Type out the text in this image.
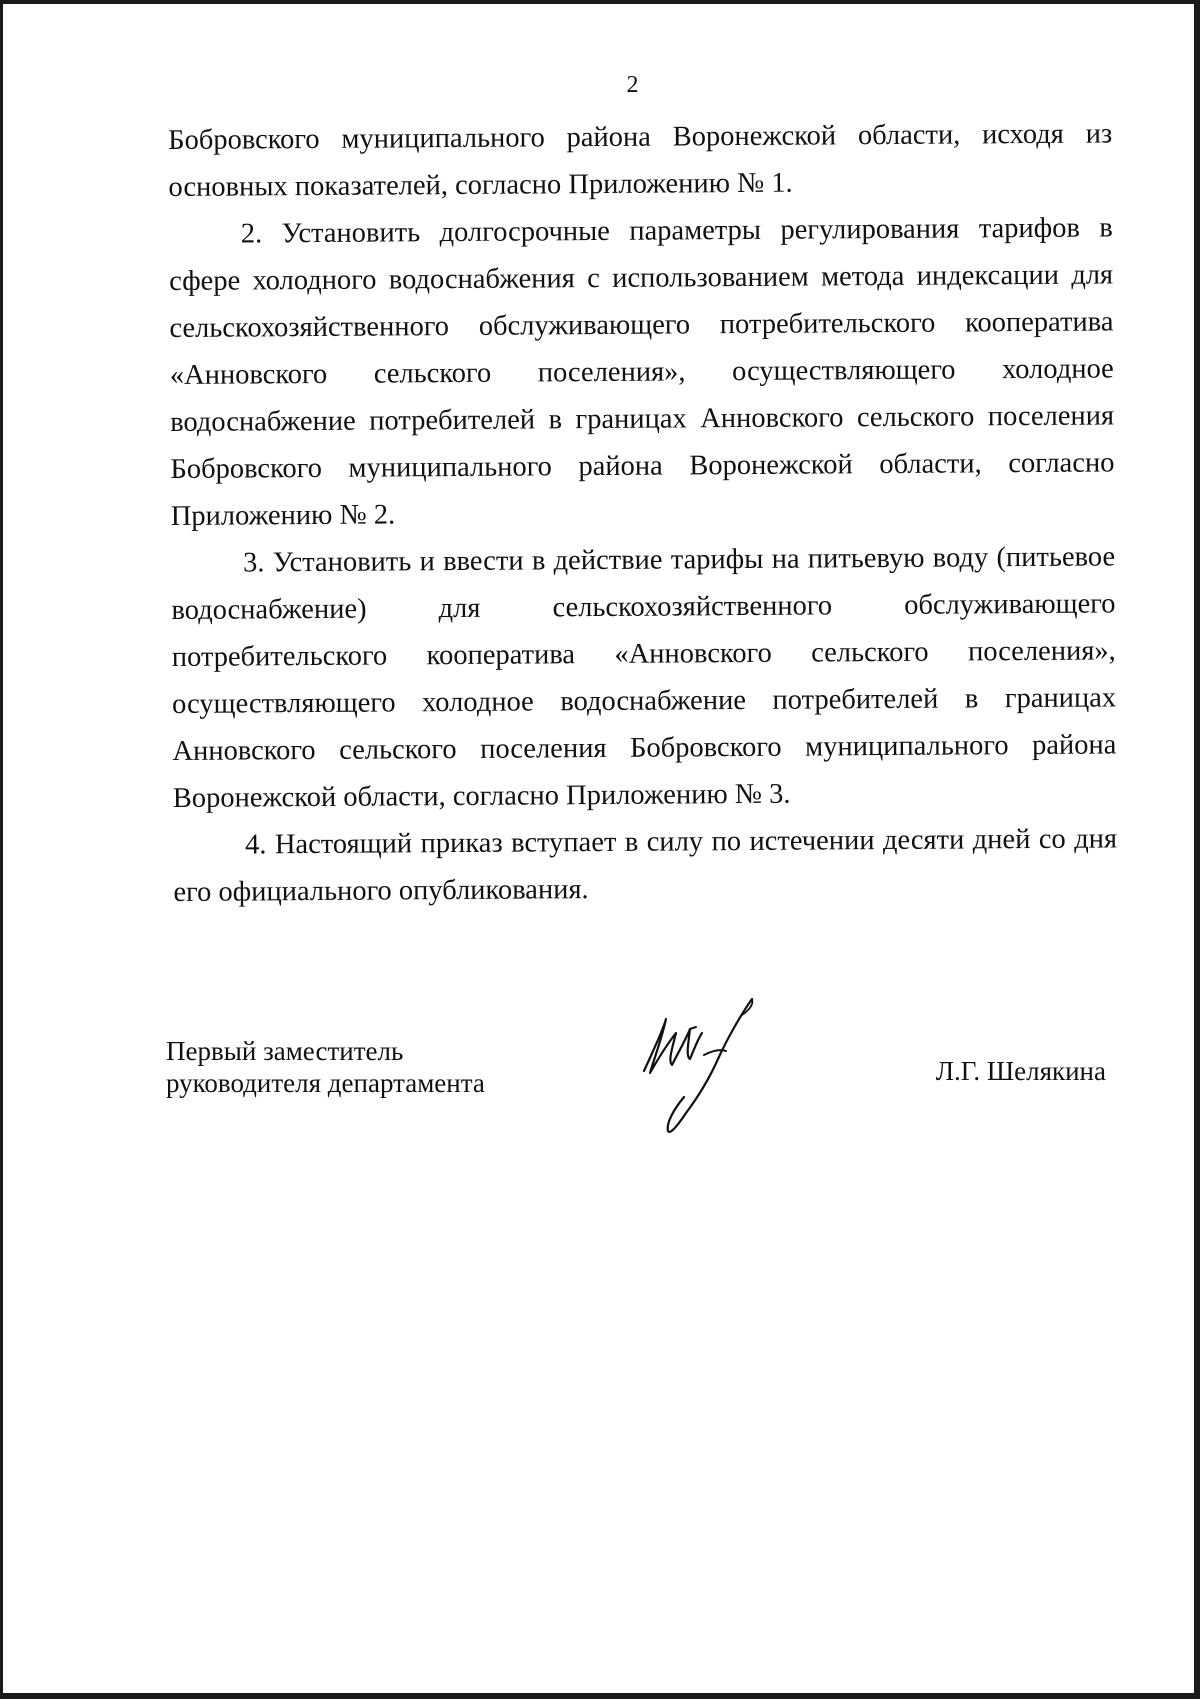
2

Бобровского муниципального района Воронежской области, исходя из основных показателей, согласно Приложению № 1.

2. Установить долгосрочные параметры регулирования тарифов в сфере холодного водоснабжения с использованием метода индексации для сельскохозяйственного обслуживающего потребительского кооператива «Анновского сельского поселения», осуществляющего холодное водоснабжение потребителей в границах Анновского сельского поселения Бобровского муниципального района Воронежской области, согласно Приложению № 2.

3. Установить и ввести в действие тарифы на питьевую воду (питьевое водоснабжение) для сельскохозяйственного обслуживающего потребительского кооператива «Анновского сельского поселения», осуществляющего холодное водоснабжение потребителей в границах Анновского сельского поселения Бобровского муниципального района Воронежской области, согласно Приложению № 3.

4. Настоящий приказ вступает в силу по истечении десяти дней со дня его официального опубликования.

Первый заместитель
руководителя департамента	Л.Г. Шелякина
